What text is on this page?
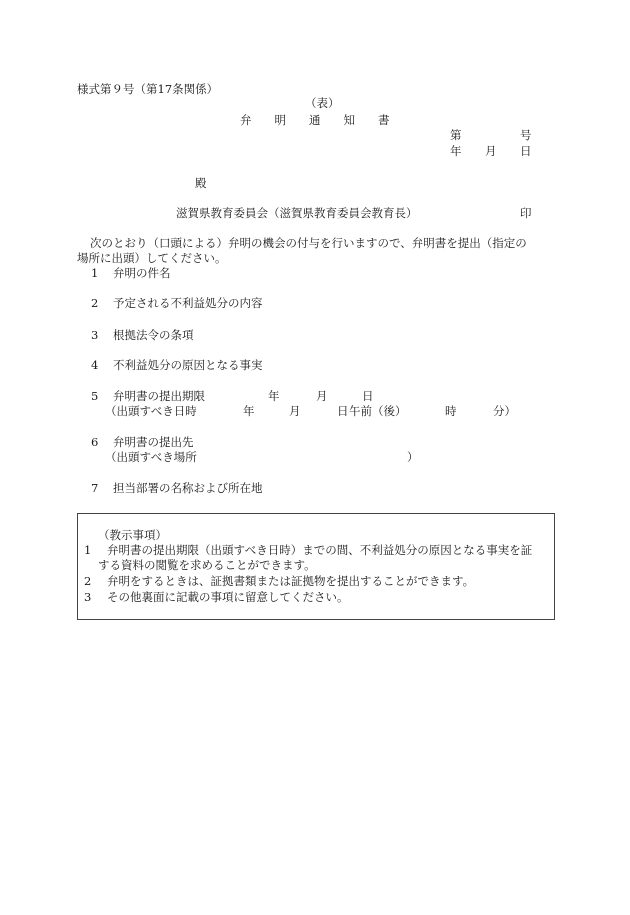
様式第９号（第17条関係）
（表）
弁　　明　　通　　知　　書
第	号
年 月 日
殿
滋賀県教育委員会（滋賀県教育委員会教育長）	印
次のとおり（口頭による）弁明の機会の付与を行いますので、弁明書を提出（指定の
場所に出頭）してください。
1 弁明の件名
2 予定される不利益処分の内容
3 根拠法令の条項
4 不利益処分の原因となる事実
5 弁明書の提出期限	年	月	日
（出頭すべき日時	年	月	日 午前（後）	時	分）
6 弁明書の提出先
（出頭すべき場所	）
7 担当部署の名称および所在地
（教示事項）
1 弁明書の提出期限（出頭すべき日時）までの間、不利益処分の原因となる事実を証
する資料の閲覧を求めることができます。
2 弁明をするときは、証拠書類または証拠物を提出することができます。
3 その他裏面に記載の事項に留意してください。
